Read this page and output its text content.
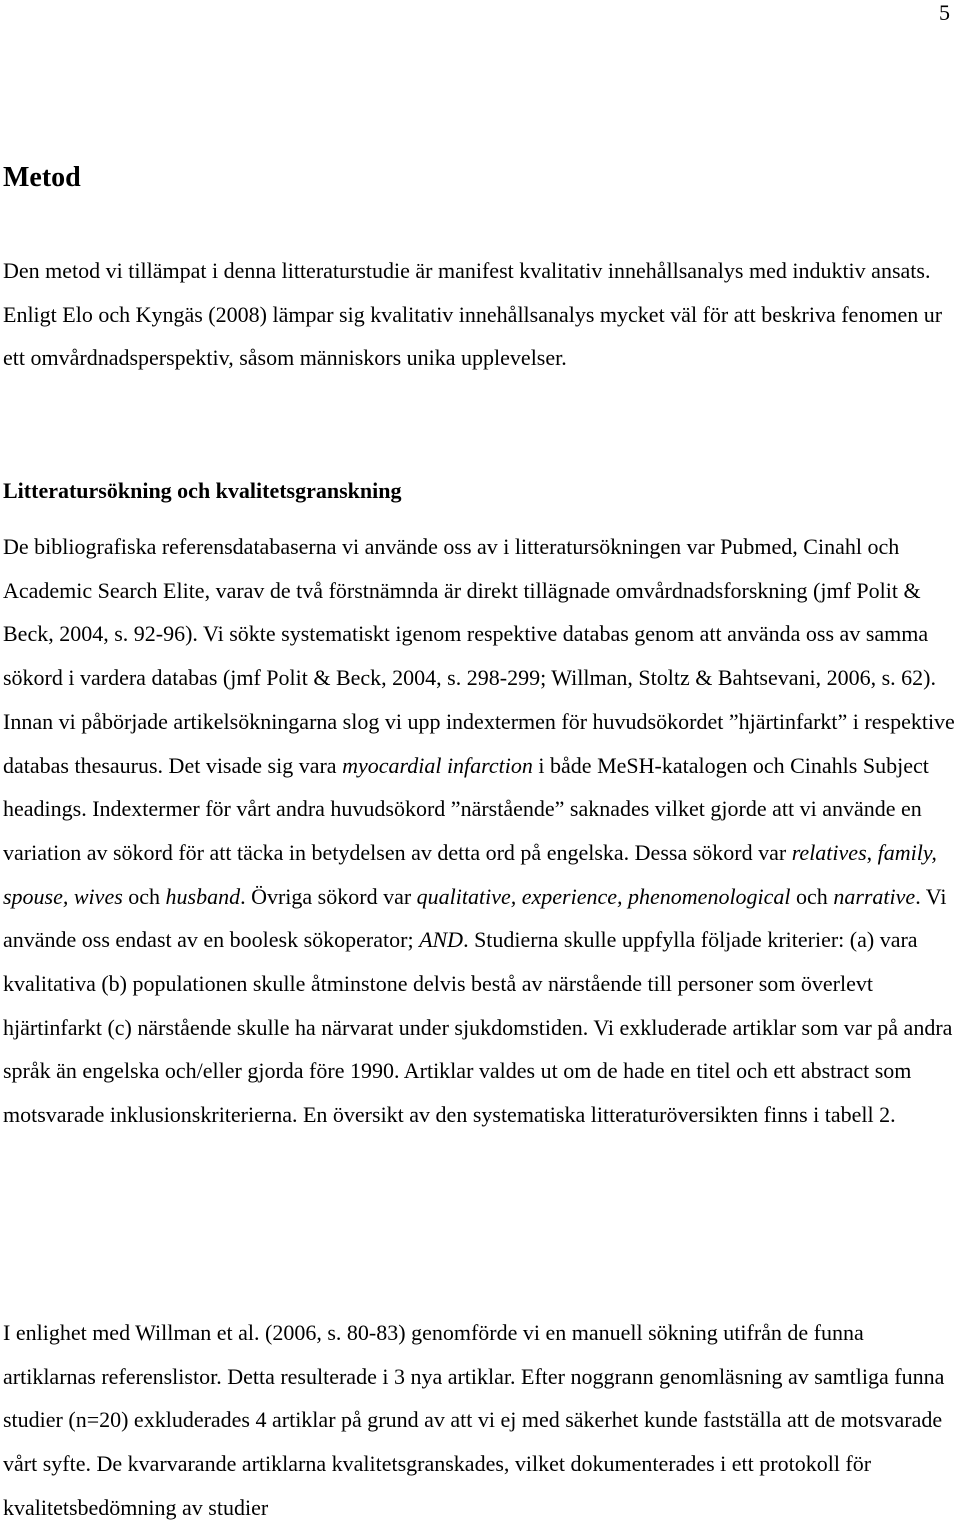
5
Metod

Den metod vi tillämpat i denna litteraturstudie är manifest kvalitativ innehållsanalys med induktiv ansats. Enligt Elo och Kyngäs (2008) lämpar sig kvalitativ innehållsanalys mycket väl för att beskriva fenomen ur ett omvårdnadsperspektiv, såsom människors unika upplevelser.

Litteratursökning och kvalitetsgranskning

De bibliografiska referensdatabaserna vi använde oss av i litteratursökningen var Pubmed, Cinahl och Academic Search Elite, varav de två förstnämnda är direkt tillägnade omvårdnadsforskning (jmf Polit & Beck, 2004, s. 92-96). Vi sökte systematiskt igenom respektive databas genom att använda oss av samma sökord i vardera databas (jmf Polit & Beck, 2004, s. 298-299; Willman, Stoltz & Bahtsevani, 2006, s. 62). Innan vi påbörjade artikelsökningarna slog vi upp indextermen för huvudsökordet ”hjärtinfarkt” i respektive databas thesaurus. Det visade sig vara myocardial infarction i både MeSH-katalogen och Cinahls Subject headings. Indextermer för vårt andra huvudsökord ”närstående” saknades vilket gjorde att vi använde en variation av sökord för att täcka in betydelsen av detta ord på engelska. Dessa sökord var relatives, family, spouse, wives och husband. Övriga sökord var qualitative, experience, phenomenological och narrative. Vi använde oss endast av en boolesk sökoperator; AND. Studierna skulle uppfylla följade kriterier: (a) vara kvalitativa (b) populationen skulle åtminstone delvis bestå av närstående till personer som överlevt hjärtinfarkt (c) närstående skulle ha närvarat under sjukdomstiden. Vi exkluderade artiklar som var på andra språk än engelska och/eller gjorda före 1990. Artiklar valdes ut om de hade en titel och ett abstract som motsvarade inklusionskriterierna. En översikt av den systematiska litteraturöversikten finns i tabell 2.

I enlighet med Willman et al. (2006, s. 80-83) genomförde vi en manuell sökning utifrån de funna artiklarnas referenslistor. Detta resulterade i 3 nya artiklar. Efter noggrann genomläsning av samtliga funna studier (n=20) exkluderades 4 artiklar på grund av att vi ej med säkerhet kunde fastställa att de motsvarade vårt syfte. De kvarvarande artiklarna kvalitetsgranskades, vilket dokumenterades i ett protokoll för kvalitetsbedömning av studier
